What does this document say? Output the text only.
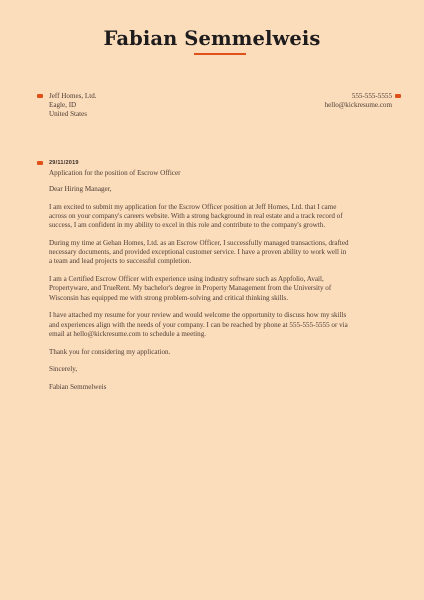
Fabian Semmelweis
Jeff Homes, Ltd.
Eagle, ID
United States
555-555-5555
hello@kickresume.com
29/11/2019
Application for the position of Escrow Officer

Dear Hiring Manager,

I am excited to submit my application for the Escrow Officer position at Jeff Homes, Ltd. that I came
across on your company's careers website. With a strong background in real estate and a track record of
success, I am confident in my ability to excel in this role and contribute to the company's growth.

During my time at Gehan Homes, Ltd. as an Escrow Officer, I successfully managed transactions, drafted
necessary documents, and provided exceptional customer service. I have a proven ability to work well in
a team and lead projects to successful completion.

I am a Certified Escrow Officer with experience using industry software such as Appfolio, Avail,
Propertyware, and TrueRent. My bachelor's degree in Property Management from the University of
Wisconsin has equipped me with strong problem-solving and critical thinking skills.

I have attached my resume for your review and would welcome the opportunity to discuss how my skills
and experiences align with the needs of your company. I can be reached by phone at 555-555-5555 or via
email at hello@kickresume.com to schedule a meeting.

Thank you for considering my application.

Sincerely,

Fabian Semmelweis
